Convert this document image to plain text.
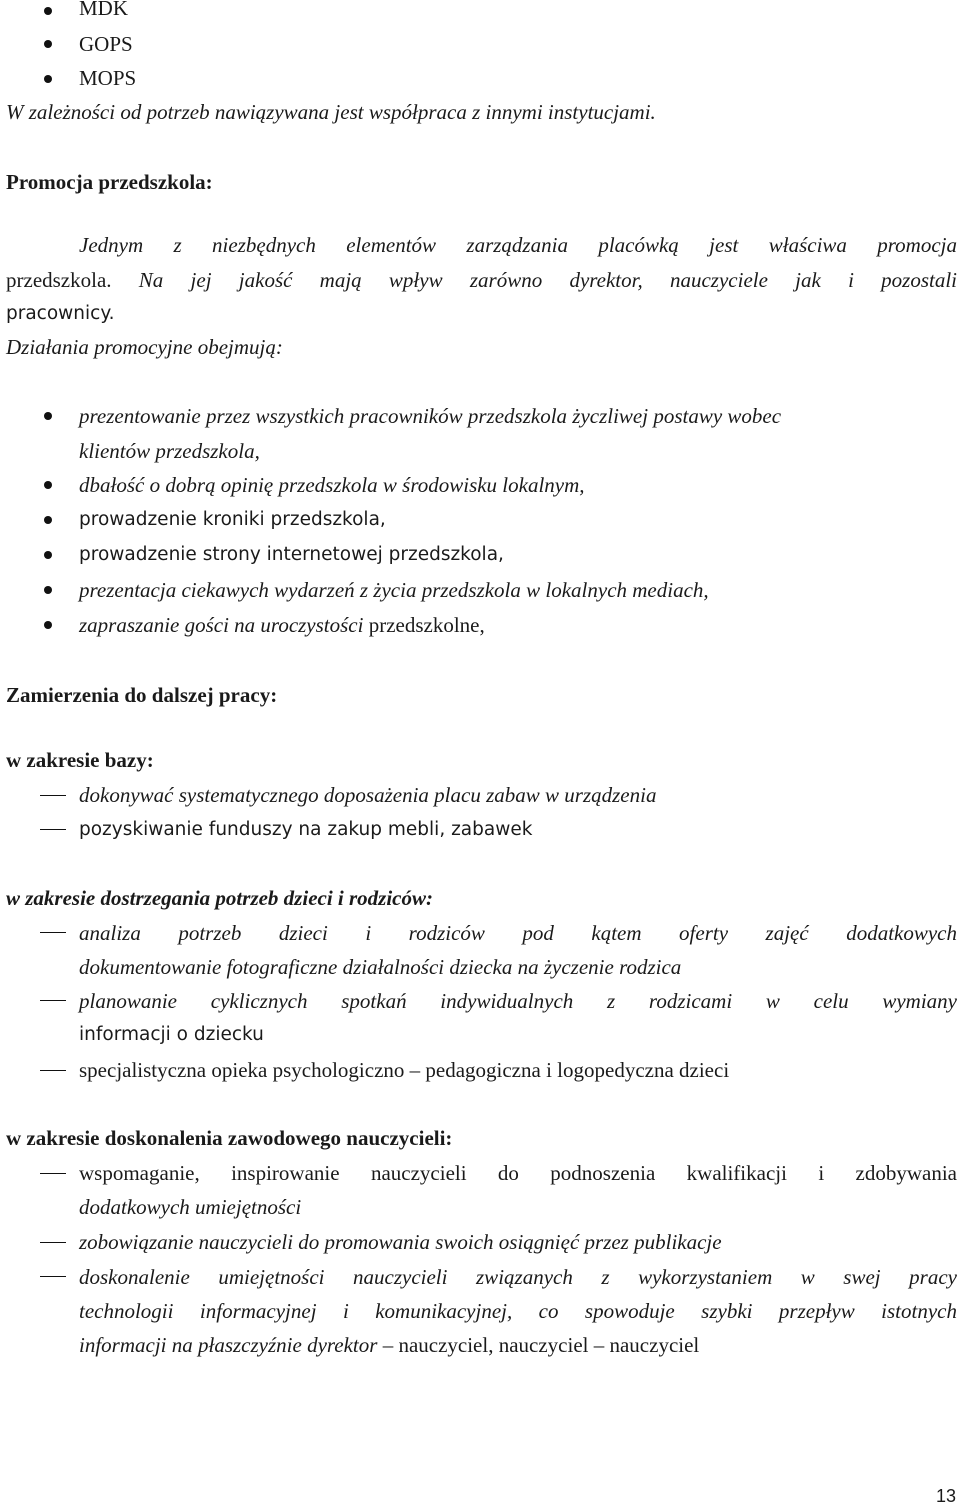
MDK
GOPS
MOPS
W zależności od potrzeb nawiązywana jest współpraca z innymi instytucjami.
Promocja przedszkola:
Jednym z niezbędnych elementów zarządzania placówką jest właściwa promocja
przedszkola. Na jej jakość mają wpływ zarówno dyrektor, nauczyciele jak i pozostali
pracownicy.
Działania promocyjne obejmują:
prezentowanie przez wszystkich pracowników przedszkola życzliwej postawy wobec
klientów przedszkola,
dbałość o dobrą opinię przedszkola w środowisku lokalnym,
prowadzenie kroniki przedszkola,
prowadzenie strony internetowej przedszkola,
prezentacja ciekawych wydarzeń z życia przedszkola w lokalnych mediach,
zapraszanie gości na uroczystości przedszkolne,
Zamierzenia do dalszej pracy:
w zakresie bazy:
dokonywać systematycznego doposażenia placu zabaw w urządzenia
pozyskiwanie funduszy na zakup mebli, zabawek
w zakresie dostrzegania potrzeb dzieci i rodziców:
analiza potrzeb dzieci i rodziców pod kątem oferty zajęć dodatkowych
dokumentowanie fotograficzne działalności dziecka na życzenie rodzica
planowanie cyklicznych spotkań indywidualnych z rodzicami w celu wymiany
informacji o dziecku
specjalistyczna opieka psychologiczno – pedagogiczna i logopedyczna dzieci
w zakresie doskonalenia zawodowego nauczycieli:
wspomaganie, inspirowanie nauczycieli do podnoszenia kwalifikacji i zdobywania
dodatkowych umiejętności
zobowiązanie nauczycieli do promowania swoich osiągnięć przez publikacje
doskonalenie umiejętności nauczycieli związanych z wykorzystaniem w swej pracy
technologii informacyjnej i komunikacyjnej, co spowoduje szybki przepływ istotnych
informacji na płaszczyźnie dyrektor – nauczyciel, nauczyciel – nauczyciel
13
